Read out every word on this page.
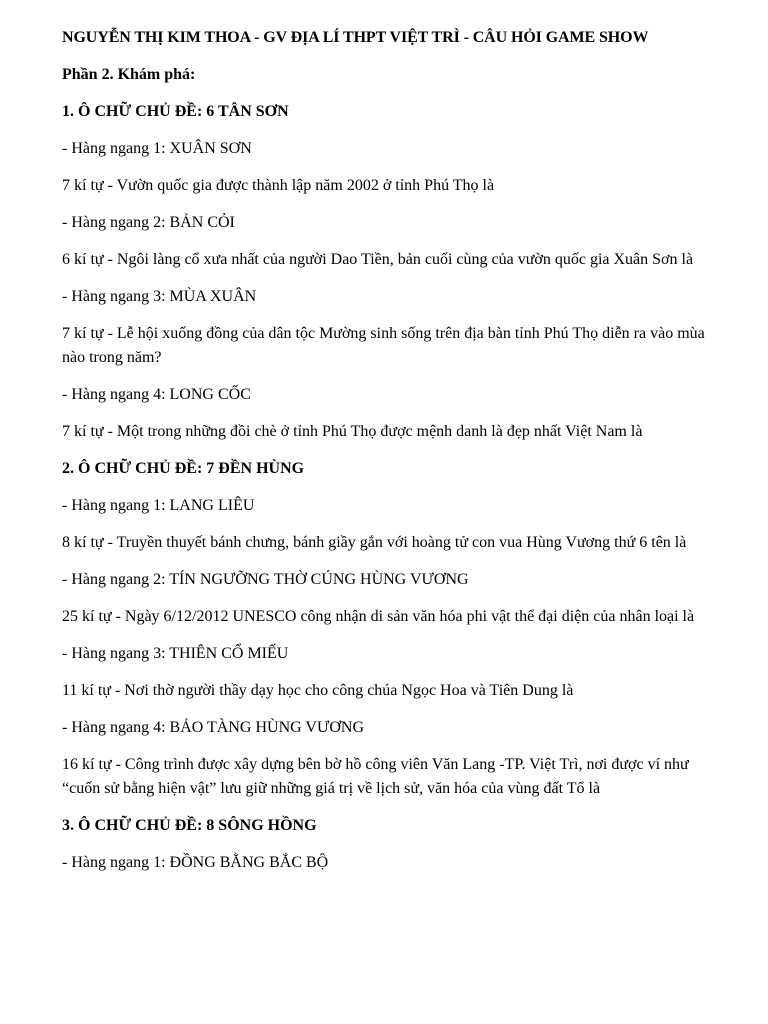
NGUYỄN THỊ KIM THOA - GV ĐỊA LÍ THPT VIỆT TRÌ - CÂU HỎI GAME SHOW
Phần 2. Khám phá:
1. Ô CHỮ CHỦ ĐỀ: 6 TÂN SƠN
- Hàng ngang 1: XUÂN SƠN
7 kí tự - Vườn quốc gia được thành lập năm 2002 ở tỉnh Phú Thọ là
- Hàng ngang 2: BẢN CỎI
6 kí tự - Ngôi làng cổ xưa nhất của người Dao Tiền, bản cuối cùng của vườn quốc gia Xuân Sơn là
- Hàng ngang 3: MÙA XUÂN
7 kí tự - Lễ hội xuống đồng của dân tộc Mường sinh sống trên địa bàn tỉnh Phú Thọ diễn ra vào mùa nào trong năm?
- Hàng ngang 4: LONG CỐC
7 kí tự - Một trong những đồi chè ở tỉnh Phú Thọ được mệnh danh là đẹp nhất Việt Nam là
2. Ô CHỮ CHỦ ĐỀ: 7 ĐỀN HÙNG
- Hàng ngang 1: LANG LIÊU
8 kí tự - Truyền thuyết bánh chưng, bánh giầy gắn với hoàng tử con vua Hùng Vương thứ 6 tên là
- Hàng ngang 2: TÍN NGƯỠNG THỜ CÚNG HÙNG VƯƠNG
25 kí tự - Ngày 6/12/2012 UNESCO công nhận di sản văn hóa phi vật thể đại diện của nhân loại là
- Hàng ngang 3: THIÊN CỔ MIẾU
11 kí tự - Nơi thờ người thầy dạy học cho công chúa Ngọc Hoa và Tiên Dung là
- Hàng ngang 4: BẢO TÀNG HÙNG VƯƠNG
16 kí tự - Công trình được xây dựng bên bờ hồ công viên Văn Lang -TP. Việt Trì, nơi được ví như “cuốn sử bằng hiện vật” lưu giữ những giá trị về lịch sử, văn hóa của vùng đất Tổ là
3. Ô CHỮ CHỦ ĐỀ: 8 SÔNG HỒNG
- Hàng ngang 1: ĐỒNG BẰNG BẮC BỘ
